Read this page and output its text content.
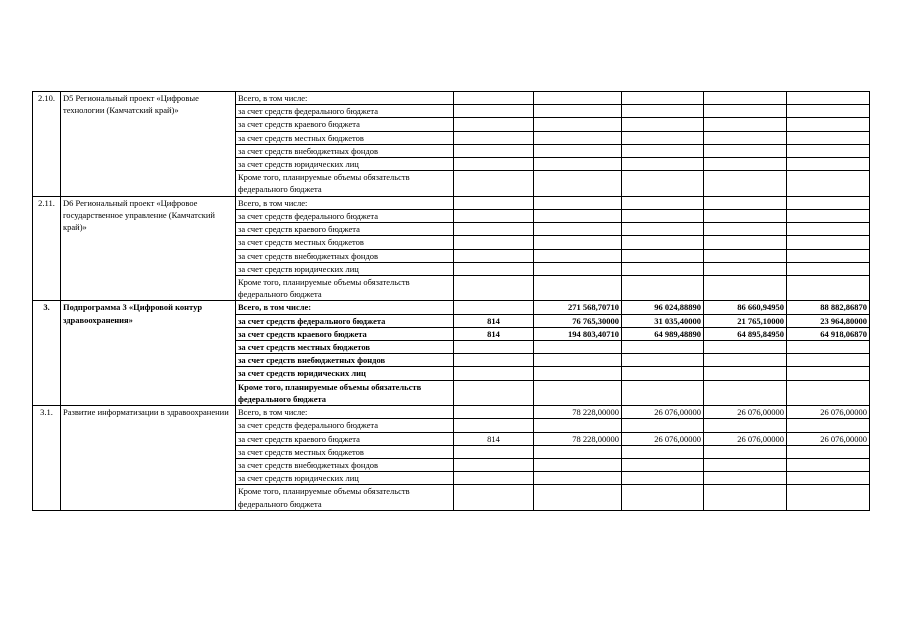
2.10.	D5 Региональный проект «Цифровые технологии (Камчатский край)»	Всего, в том числе:					
		за счет средств федерального бюджета					
		за счет средств краевого бюджета					
		за счет средств местных бюджетов					
		за счет средств внебюджетных фондов					
		за счет средств юридических лиц					
		Кроме того, планируемые объемы обязательств федерального бюджета					
2.11.	D6 Региональный проект «Цифровое государственное управление (Камчатский край)»	Всего, в том числе:					
		за счет средств федерального бюджета					
		за счет средств краевого бюджета					
		за счет средств местных бюджетов					
		за счет средств внебюджетных фондов					
		за счет средств юридических лиц					
		Кроме того, планируемые объемы обязательств федерального бюджета					
3.	Подпрограмма 3 «Цифровой контур здравоохранения»	Всего, в том числе:		271 568,70710	96 024,88890	86 660,94950	88 882,86870
		за счет средств федерального бюджета	814	76 765,30000	31 035,40000	21 765,10000	23 964,80000
		за счет средств краевого бюджета	814	194 803,40710	64 989,48890	64 895,84950	64 918,06870
		за счет средств местных бюджетов					
		за счет средств внебюджетных фондов					
		за счет средств юридических лиц					
		Кроме того, планируемые объемы обязательств федерального бюджета					
3.1.	Развитие информатизации в здравоохранении	Всего, в том числе:		78 228,00000	26 076,00000	26 076,00000	26 076,00000
		за счет средств федерального бюджета					
		за счет средств краевого бюджета	814	78 228,00000	26 076,00000	26 076,00000	26 076,00000
		за счет средств местных бюджетов					
		за счет средств внебюджетных фондов					
		за счет средств юридических лиц					
		Кроме того, планируемые объемы обязательств федерального бюджета					
